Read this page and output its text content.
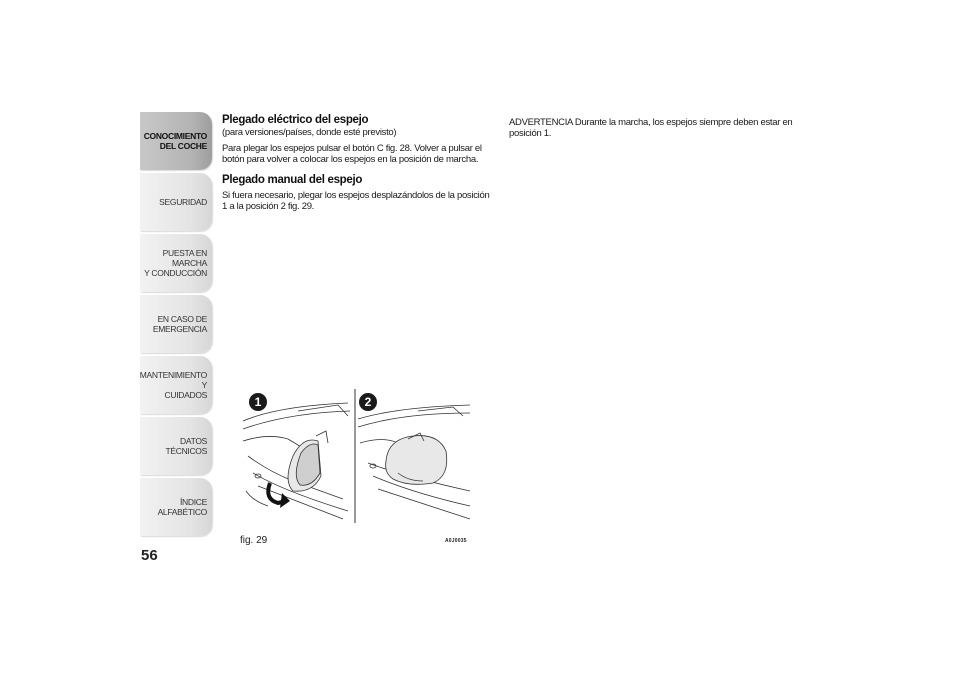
CONOCIMIENTO
DEL COCHE
SEGURIDAD
PUESTA EN MARCHA
Y CONDUCCIÓN
EN CASO DE
EMERGENCIA
MANTENIMIENTO Y
CUIDADOS
DATOS TÉCNICOS
ÍNDICE ALFABÉTICO
56
Plegado eléctrico del espejo

(para versiones/países, donde esté previsto)

Para plegar los espejos pulsar el botón C fig. 28. Volver a pulsar el botón para volver a colocar los espejos en la posición de marcha.

Plegado manual del espejo

Si fuera necesario, plegar los espejos desplazándolos de la posición 1 a la posición 2 fig. 29.

ADVERTENCIA Durante la marcha, los espejos siempre deben estar en posición 1.

1	2
fig. 29	A0J0035
